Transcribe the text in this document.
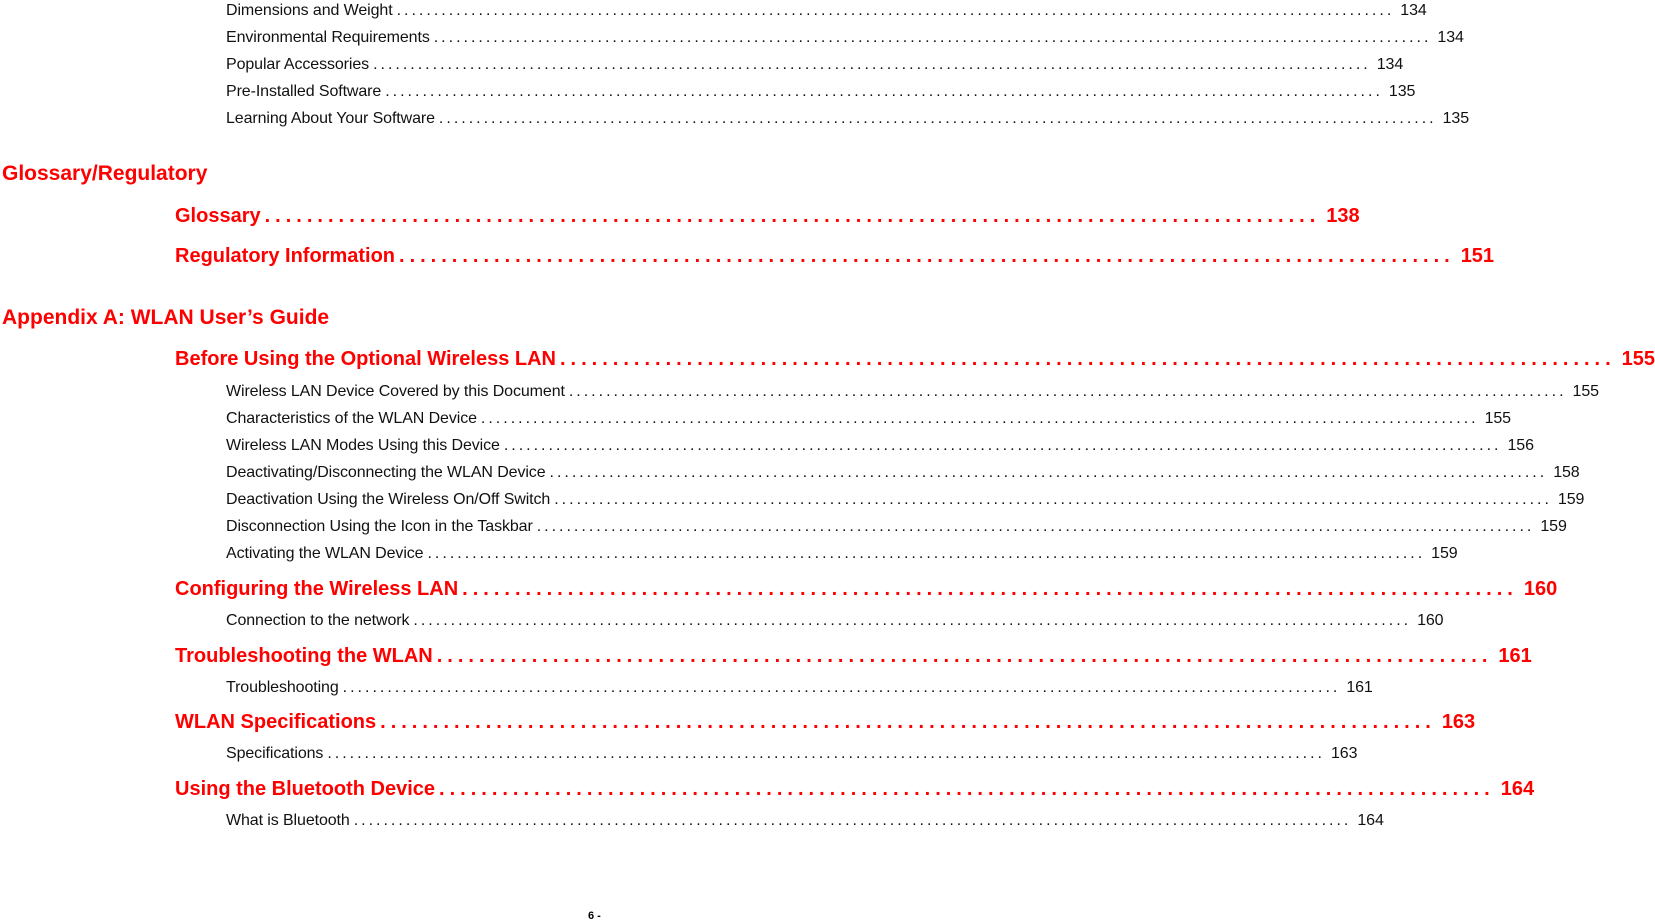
Dimensions and Weight ...................................................................................................................................... 134
Environmental Requirements ...................................................................................................................................... 134
Popular Accessories ...................................................................................................................................... 134
Pre-Installed Software ...................................................................................................................................... 135
Learning About Your Software ...................................................................................................................................... 135
Glossary/Regulatory
Glossary .................................................................................................... 138
Regulatory Information .................................................................................................... 151
Appendix A: WLAN User’s Guide
Before Using the Optional Wireless LAN .................................................................................................... 155
Wireless LAN Device Covered by this Document ...................................................................................................................................... 155
Characteristics of the WLAN Device ...................................................................................................................................... 155
Wireless LAN Modes Using this Device ...................................................................................................................................... 156
Deactivating/Disconnecting the WLAN Device ...................................................................................................................................... 158
Deactivation Using the Wireless On/Off Switch ...................................................................................................................................... 159
Disconnection Using the Icon in the Taskbar ...................................................................................................................................... 159
Activating the WLAN Device ...................................................................................................................................... 159
Configuring the Wireless LAN .................................................................................................... 160
Connection to the network ...................................................................................................................................... 160
Troubleshooting the WLAN .................................................................................................... 161
Troubleshooting ...................................................................................................................................... 161
WLAN Specifications .................................................................................................... 163
Specifications ...................................................................................................................................... 163
Using the Bluetooth Device .................................................................................................... 164
What is Bluetooth ...................................................................................................................................... 164
6 -
